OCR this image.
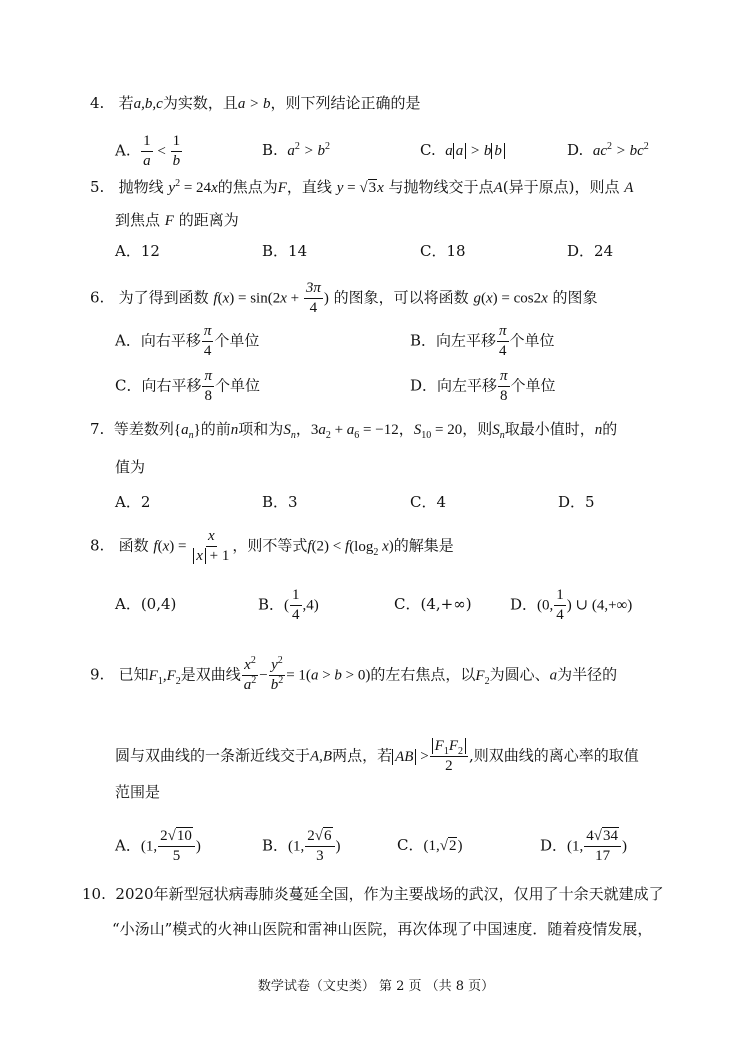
4. 若a,b,c为实数，且a > b，则下列结论正确的是
A. $\frac{1}{a} < \frac{1}{b}$	B. $a^2 > b^2$	C. a a > b b	D. $ac^2 > bc^2$
5. 抛物线 $y^2 = 24x$的焦点为F，直线 y = √3x 与抛物线交于点A(异于原点)，则点 A
到焦点 F 的距离为
A．12	B．14	C．18	D．24
6. 为了得到函数 $f(x) = \sin(2x + \frac{3\pi}{4}$ ) 的图象，可以将函数 g(x) = cos2x 的图象
A．向右平移 $\frac{\pi}{4}$ 个单位	B．向左平移 $\frac{\pi}{4}$ 个单位
C．向右平移 $\frac{\pi}{8}$ 个单位	D．向左平移 $\frac{\pi}{8}$ 个单位
7. 等差数列$\{a_n\}$的前n项和为$S_n$，$3a_2 + a_6 = -12$，$S_{10} = 20$，则$S_n$取最小值时，n的
值为
A．2	B．3	C．4	D．5
8. 函数 $f(x) = \frac{x}{x + 1}$ ，则不等式$f(2) < f(\log_2$ x)的解集是
A．(0,4)	B．( $\frac{1}{4} ,4$)	C．(4,+∞)	D．(0, $\frac{1}{4}$ ) ∪ (4,+∞)
9. 已知$F_1,F_2$是双曲线 $\frac{x^2}{a^2} - \frac{y^2}{b^2} = 1(a > b > 0)$的左右焦点，以$F_2$为圆心、a为半径的
圆与双曲线的一条渐近线交于A,B两点，若 AB > $\frac{F_1F_2}{2}$ ,则双曲线的离心率的取值
范围是
A．(1, $\frac{2√10}{5}$ )	B．(1, $\frac{2√6}{3}$ )	C．(1,√2)	D．(1, $\frac{4√34}{17}$ )
10. 2020年新型冠状病毒肺炎蔓延全国，作为主要战场的武汉，仅用了十余天就建成了
“小汤山”模式的火神山医院和雷神山医院，再次体现了中国速度．随着疫情发展，
数学试卷（文史类） 第 2 页 （共 8 页）
